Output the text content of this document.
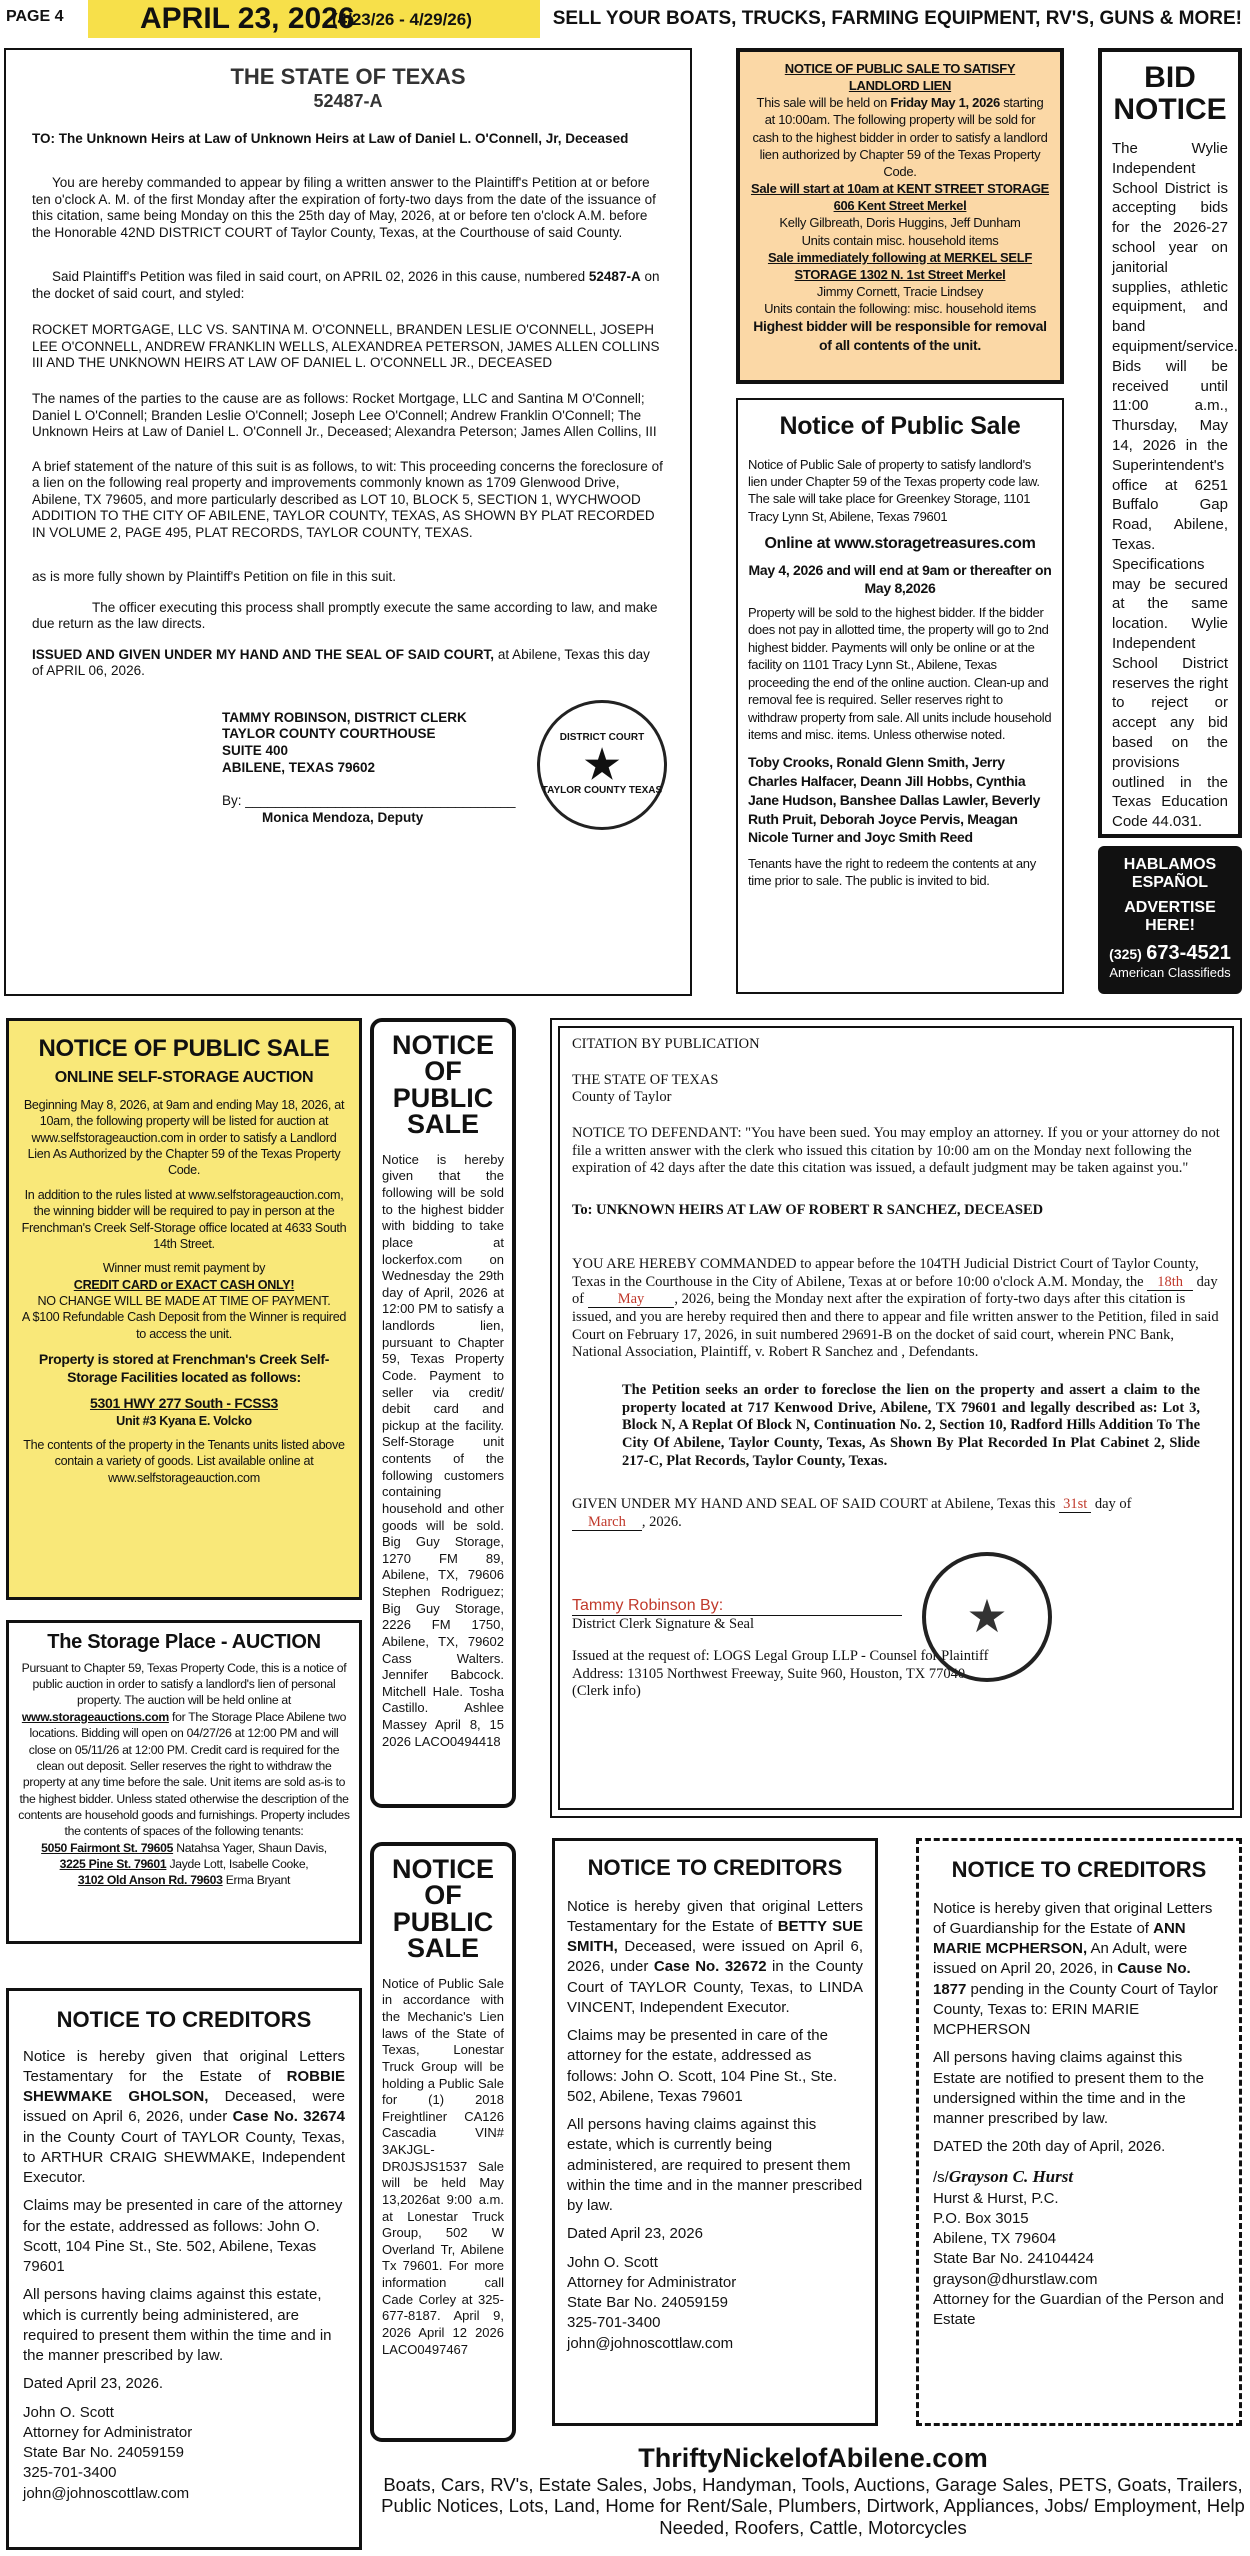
PAGE 4	APRIL 23, 2026
(4/23/26 - 4/29/26)	SELL YOUR BOATS, TRUCKS, FARMING EQUIPMENT, RV'S, GUNS & MORE!
THE STATE OF TEXAS
52487-A

TO: The Unknown Heirs at Law of Unknown Heirs at Law of Daniel L. O'Connell, Jr, Deceased

You are hereby commanded to appear by filing a written answer to the Plaintiff's Petition at or before ten o'clock A. M. of the first Monday after the expiration of forty-two days from the date of the issuance of this citation, same being Monday on this the 25th day of May, 2026, at or before ten o'clock A.M. before the Honorable 42ND DISTRICT COURT of Taylor County, Texas, at the Courthouse of said County.

Said Plaintiff's Petition was filed in said court, on APRIL 02, 2026 in this cause, numbered 52487-A on the docket of said court, and styled:

ROCKET MORTGAGE, LLC VS. SANTINA M. O'CONNELL, BRANDEN LESLIE O'CONNELL, JOSEPH LEE O'CONNELL, ANDREW FRANKLIN WELLS, ALEXANDREA PETERSON, JAMES ALLEN COLLINS III AND THE UNKNOWN HEIRS AT LAW OF DANIEL L. O'CONNELL JR., DECEASED

The names of the parties to the cause are as follows: Rocket Mortgage, LLC and Santina M O'Connell; Daniel L O'Connell; Branden Leslie O'Connell; Joseph Lee O'Connell; Andrew Franklin O'Connell; The Unknown Heirs at Law of Daniel L. O'Connell Jr., Deceased; Alexandra Peterson; James Allen Collins, III

A brief statement of the nature of this suit is as follows, to wit: This proceeding concerns the foreclosure of a lien on the following real property and improvements commonly known as 1709 Glenwood Drive, Abilene, TX 79605, and more particularly described as LOT 10, BLOCK 5, SECTION 1, WYCHWOOD ADDITION TO THE CITY OF ABILENE, TAYLOR COUNTY, TEXAS, AS SHOWN BY PLAT RECORDED IN VOLUME 2, PAGE 495, PLAT RECORDS, TAYLOR COUNTY, TEXAS.

as is more fully shown by Plaintiff's Petition on file in this suit.

The officer executing this process shall promptly execute the same according to law, and make due return as the law directs.

ISSUED AND GIVEN UNDER MY HAND AND THE SEAL OF SAID COURT, at Abilene, Texas this day of APRIL 06, 2026.

TAMMY ROBINSON, DISTRICT CLERK
TAYLOR COUNTY COURTHOUSE
SUITE 400
ABILENE, TEXAS 79602
By: ____________________________________
Monica Mendoza, Deputy
DISTRICT COURT
★
TAYLOR COUNTY TEXAS
NOTICE OF PUBLIC SALE TO SATISFY LANDLORD LIEN
This sale will be held on Friday May 1, 2026 starting at 10:00am. The following property will be sold for cash to the highest bidder in order to satisfy a landlord lien authorized by Chapter 59 of the Texas Property Code.
Sale will start at 10am at KENT STREET STORAGE 606 Kent Street Merkel
Kelly Gilbreath, Doris Huggins, Jeff Dunham
Units contain misc. household items
Sale immediately following at MERKEL SELF STORAGE 1302 N. 1st Street Merkel
Jimmy Cornett, Tracie Lindsey
Units contain the following: misc. household items
Highest bidder will be responsible for removal of all contents of the unit.
BID NOTICE
The Wylie Independent School District is accepting bids for the 2026-27 school year on janitorial supplies, athletic equipment, and band equipment/service. Bids will be received until 11:00 a.m., Thursday, May 14, 2026 in the Superintendent's office at 6251 Buffalo Gap Road, Abilene, Texas. Specifications may be secured at the same location. Wylie Independent School District reserves the right to reject or accept any bid based on the provisions outlined in the Texas Education Code 44.031.
HABLAMOS ESPAÑOL
ADVERTISE HERE!
(325) 673-4521
American Classifieds
Notice of Public Sale

Notice of Public Sale of property to satisfy landlord's lien under Chapter 59 of the Texas property code law. The sale will take place for Greenkey Storage, 1101 Tracy Lynn St, Abilene, Texas 79601

Online at www.storagetreasures.com
May 4, 2026 and will end at 9am or thereafter on May 8,2026

Property will be sold to the highest bidder. If the bidder does not pay in allotted time, the property will go to 2nd highest bidder. Payments will only be online or at the facility on 1101 Tracy Lynn St., Abilene, Texas proceeding the end of the online auction. Clean-up and removal fee is required. Seller reserves right to withdraw property from sale. All units include household items and misc. items. Unless otherwise noted.

Toby Crooks, Ronald Glenn Smith, Jerry Charles Halfacer, Deann Jill Hobbs, Cynthia Jane Hudson, Banshee Dallas Lawler, Beverly Ruth Pruit, Deborah Joyce Pervis, Meagan Nicole Turner and Joyc Smith Reed

Tenants have the right to redeem the contents at any time prior to sale. The public is invited to bid.

NOTICE OF PUBLIC SALE
ONLINE SELF-STORAGE AUCTION

Beginning May 8, 2026, at 9am and ending May 18, 2026, at 10am, the following property will be listed for auction at www.selfstorageauction.com in order to satisfy a Landlord Lien As Authorized by the Chapter 59 of the Texas Property Code.

In addition to the rules listed at www.selfstorageauction.com, the winning bidder will be required to pay in person at the Frenchman's Creek Self-Storage office located at 4633 South 14th Street.

Winner must remit payment by
CREDIT CARD or EXACT CASH ONLY!
NO CHANGE WILL BE MADE AT TIME OF PAYMENT.

A $100 Refundable Cash Deposit from the Winner is required to access the unit.

Property is stored at Frenchman's Creek Self-Storage Facilities located as follows:

5301 HWY 277 South - FCSS3

Unit #3 Kyana E. Volcko

The contents of the property in the Tenants units listed above contain a variety of goods. List available online at www.selfstorageauction.com

NOTICE OF PUBLIC SALE
Notice is hereby given that the following will be sold to the highest bidder with bidding to take place at lockerfox.com on Wednesday the 29th day of April, 2026 at 12:00 PM to satisfy a landlords lien, pursuant to Chapter 59, Texas Property Code. Payment to seller via credit/ debit card and pickup at the facility. Self-Storage unit contents of the following customers containing household and other goods will be sold. Big Guy Storage, 1270 FM 89, Abilene, TX, 79606 Stephen Rodriguez; Big Guy Storage, 2226 FM 1750, Abilene, TX, 79602 Cass Walters. Jennifer Babcock. Mitchell Hale. Tosha Castillo. Ashlee Massey April 8, 15 2026 LACO0494418
CITATION BY PUBLICATION
THE STATE OF TEXAS
County of Taylor

NOTICE TO DEFENDANT: "You have been sued. You may employ an attorney. If you or your attorney do not file a written answer with the clerk who issued this citation by 10:00 am on the Monday next following the expiration of 42 days after the date this citation was issued, a default judgment may be taken against you."

To: UNKNOWN HEIRS AT LAW OF ROBERT R SANCHEZ, DECEASED

YOU ARE HEREBY COMMANDED to appear before the 104TH Judicial District Court of Taylor County, Texas in the Courthouse in the City of Abilene, Texas at or before 10:00 o'clock A.M. Monday, the 18th day of May , 2026, being the Monday next after the expiration of forty-two days after this citation is issued, and you are hereby required then and there to appear and file written answer to the Petition, filed in said Court on February 17, 2026, in suit numbered 29691-B on the docket of said court, wherein PNC Bank, National Association, Plaintiff, v. Robert R Sanchez and , Defendants.

The Petition seeks an order to foreclose the lien on the property and assert a claim to the property located at 717 Kenwood Drive, Abilene, TX 79601 and legally described as: Lot 3, Block N, A Replat Of Block N, Continuation No. 2, Section 10, Radford Hills Addition To The City Of Abilene, Taylor County, Texas, As Shown By Plat Recorded In Plat Cabinet 2, Slide 217-C, Plat Records, Taylor County, Texas.

GIVEN UNDER MY HAND AND SEAL OF SAID COURT at Abilene, Texas this 31st day of
March , 2026.

Tammy Robinson By:
District Clerk Signature & Seal
Issued at the request of: LOGS Legal Group LLP - Counsel for Plaintiff
Address: 13105 Northwest Freeway, Suite 960, Houston, TX 77040
(Clerk info)
★
The Storage Place - AUCTION
Pursuant to Chapter 59, Texas Property Code, this is a notice of public auction in order to satisfy a landlord's lien of personal property. The auction will be held online at www.storageauctions.com for The Storage Place Abilene two locations. Bidding will open on 04/27/26 at 12:00 PM and will close on 05/11/26 at 12:00 PM. Credit card is required for the clean out deposit. Seller reserves the right to withdraw the property at any time before the sale. Unit items are sold as-is to the highest bidder. Unless stated otherwise the description of the contents are household goods and furnishings. Property includes the contents of spaces of the following tenants:
5050 Fairmont St. 79605 Natahsa Yager, Shaun Davis,
3225 Pine St. 79601 Jayde Lott, Isabelle Cooke,
3102 Old Anson Rd. 79603 Erma Bryant
NOTICE TO CREDITORS

Notice is hereby given that original Letters Testamentary for the Estate of ROBBIE SHEWMAKE GHOLSON, Deceased, were issued on April 6, 2026, under Case No. 32674 in the County Court of TAYLOR County, Texas, to ARTHUR CRAIG SHEWMAKE, Independent Executor.

Claims may be presented in care of the attorney for the estate, addressed as follows: John O. Scott, 104 Pine St., Ste. 502, Abilene, Texas 79601

All persons having claims against this estate, which is currently being administered, are required to present them within the time and in the manner prescribed by law.

Dated April 23, 2026.

John O. Scott
Attorney for Administrator
State Bar No. 24059159
325-701-3400
john@johnoscottlaw.com
NOTICE OF PUBLIC SALE
Notice of Public Sale in accordance with the Mechanic's Lien laws of the State of Texas, Lonestar Truck Group will be holding a Public Sale for (1) 2018 Freightliner CA126 Cascadia VIN# 3AKJGL-DR0JSJS1537 Sale will be held May 13,2026at 9:00 a.m. at Lonestar Truck Group, 502 W Overland Tr, Abilene Tx 79601. For more information call Cade Corley at 325-677-8187. April 9, 2026 April 12 2026 LACO0497467
NOTICE TO CREDITORS

Notice is hereby given that original Letters Testamentary for the Estate of BETTY SUE SMITH, Deceased, were issued on April 6, 2026, under Case No. 32672 in the County Court of TAYLOR County, Texas, to LINDA VINCENT, Independent Executor.

Claims may be presented in care of the attorney for the estate, addressed as follows: John O. Scott, 104 Pine St., Ste. 502, Abilene, Texas 79601

All persons having claims against this estate, which is currently being administered, are required to present them within the time and in the manner prescribed by law.

Dated April 23, 2026

John O. Scott
Attorney for Administrator
State Bar No. 24059159
325-701-3400
john@johnoscottlaw.com
NOTICE TO CREDITORS

Notice is hereby given that original Letters of Guardianship for the Estate of ANN MARIE MCPHERSON, An Adult, were issued on April 20, 2026, in Cause No. 1877 pending in the County Court of Taylor County, Texas to: ERIN MARIE MCPHERSON

All persons having claims against this Estate are notified to present them to the undersigned within the time and in the manner prescribed by law.

DATED the 20th day of April, 2026.

/s/Grayson C. Hurst
Hurst & Hurst, P.C.
P.O. Box 3015
Abilene, TX 79604
State Bar No. 24104424
grayson@dhurstlaw.com
Attorney for the Guardian of the Person and Estate
ThriftyNickelofAbilene.com
Boats, Cars, RV's, Estate Sales, Jobs, Handyman, Tools, Auctions, Garage Sales, PETS, Goats, Trailers, Public Notices, Lots, Land, Home for Rent/Sale, Plumbers, Dirtwork, Appliances, Jobs/ Employment, Help Needed, Roofers, Cattle, Motorcycles
